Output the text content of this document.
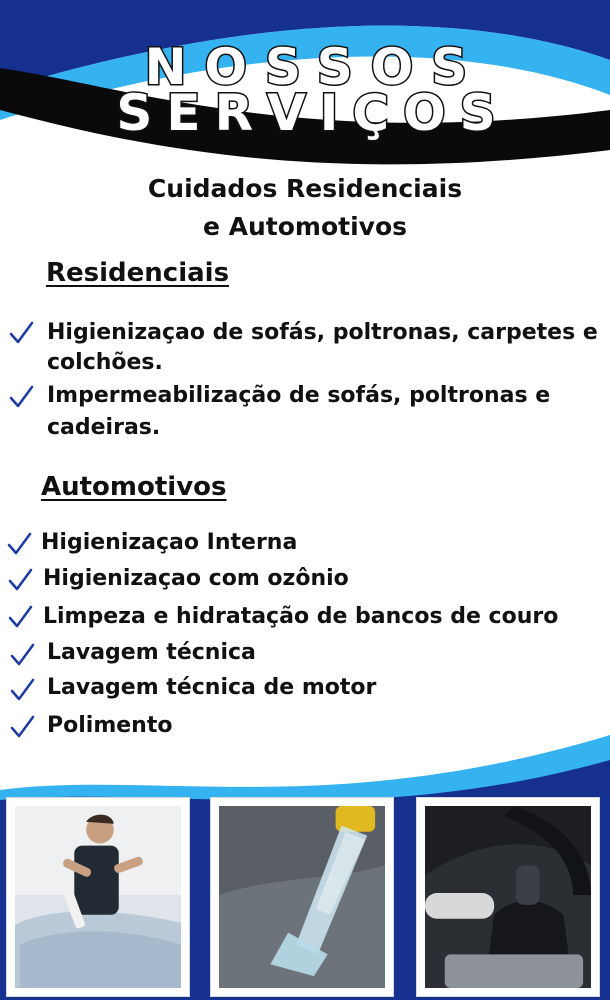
NOSSOS
SERVIÇOS
Cuidados Residenciais
e Automotivos
Residenciais
Higienizaçao de sofás, poltronas, carpetes e
colchões.
Impermeabilização de sofás, poltronas e
cadeiras.
Automotivos
Higienizaçao Interna
Higienizaçao com ozônio
Limpeza e hidratação de bancos de couro
Lavagem técnica
Lavagem técnica de motor
Polimento
